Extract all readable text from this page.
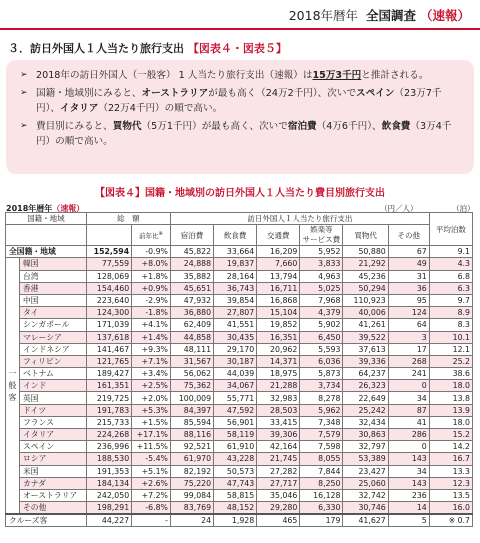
2018年暦年 全国調査 （速報）
３．訪日外国人１人当たり旅行支出 【図表４・図表５】
➢ 2018年の訪日外国人（一般客） 1 人当たり旅行支出（速報）は15万3千円と推計される。
➢ 国籍・地域別にみると、オーストラリアが最も高く（24万2千円）、次いでスペイン（23万7千円）、イタリア（22万4千円）の順で高い。
➢ 費目別にみると、買物代（5万1千円）が最も高く、次いで宿泊費（4万6千円）、飲食費（3万4千円）の順で高い。
【図表４】国籍・地域別の訪日外国人１人当たり費目別旅行支出
2018年暦年（速報）	（円／人）	（泊）
国籍・地域		総　額		訪日外国人１人当たり旅行支出						平均泊数
				宿泊費	飲食費	交通費	娯楽等
サービス費	買物代	その他	
			前年比※
全国籍・地域		152,594	-0.9%	45,822	33,664	16,209	5,952	50,880	67	9.1

一
般
客	韓国	77,559	+8.0%	24,888	19,837	7,660	3,833	21,292	49	4.3
	台湾	128,069	+1.8%	35,882	28,164	13,794	4,963	45,236	31	6.8
	香港	154,460	+0.9%	45,651	36,743	16,711	5,025	50,294	36	6.3
	中国	223,640	-2.9%	47,932	39,854	16,868	7,968	110,923	95	9.7
	タイ	124,300	-1.8%	36,880	27,807	15,104	4,379	40,006	124	8.9
	シンガポール	171,039	+4.1%	62,409	41,551	19,852	5,902	41,261	64	8.3
	マレーシア	137,618	+1.4%	44,858	30,435	16,351	6,450	39,522	3	10.1
	インドネシア	141,467	+9.3%	48,111	29,170	20,962	5,593	37,613	17	12.1
	フィリピン	121,765	+7.1%	31,567	30,187	14,371	6,036	39,336	268	25.2
	ベトナム	189,427	+3.4%	56,062	44,039	18,975	5,873	64,237	241	38.6
	インド	161,351	+2.5%	75,362	34,067	21,288	3,734	26,323	0	18.0
	英国	219,725	+2.0%	100,009	55,771	32,983	8,278	22,649	34	13.8
	ドイツ	191,783	+5.3%	84,397	47,592	28,503	5,962	25,242	87	13.9
	フランス	215,733	+1.5%	85,594	56,901	33,415	7,348	32,434	41	18.0
	イタリア	224,268	+17.1%	88,116	58,119	39,306	7,579	30,863	286	15.2
	スペイン	236,996	+11.5%	92,521	61,910	42,164	7,598	32,797	0	14.2
	ロシア	188,530	-5.4%	61,970	43,228	21,745	8,055	53,389	143	16.7
	米国	191,353	+5.1%	82,192	50,573	27,282	7,844	23,427	34	13.3
	カナダ	184,134	+2.6%	75,220	47,743	27,717	8,250	25,060	143	12.3
	オーストラリア	242,050	+7.2%	99,084	58,815	35,046	16,128	32,742	236	13.5
	その他	198,291	-6.8%	83,769	48,152	29,280	6,330	30,746	14	16.0
クルーズ客		44,227	-	24	1,928	465	179	41,627	5	※ 0.7
